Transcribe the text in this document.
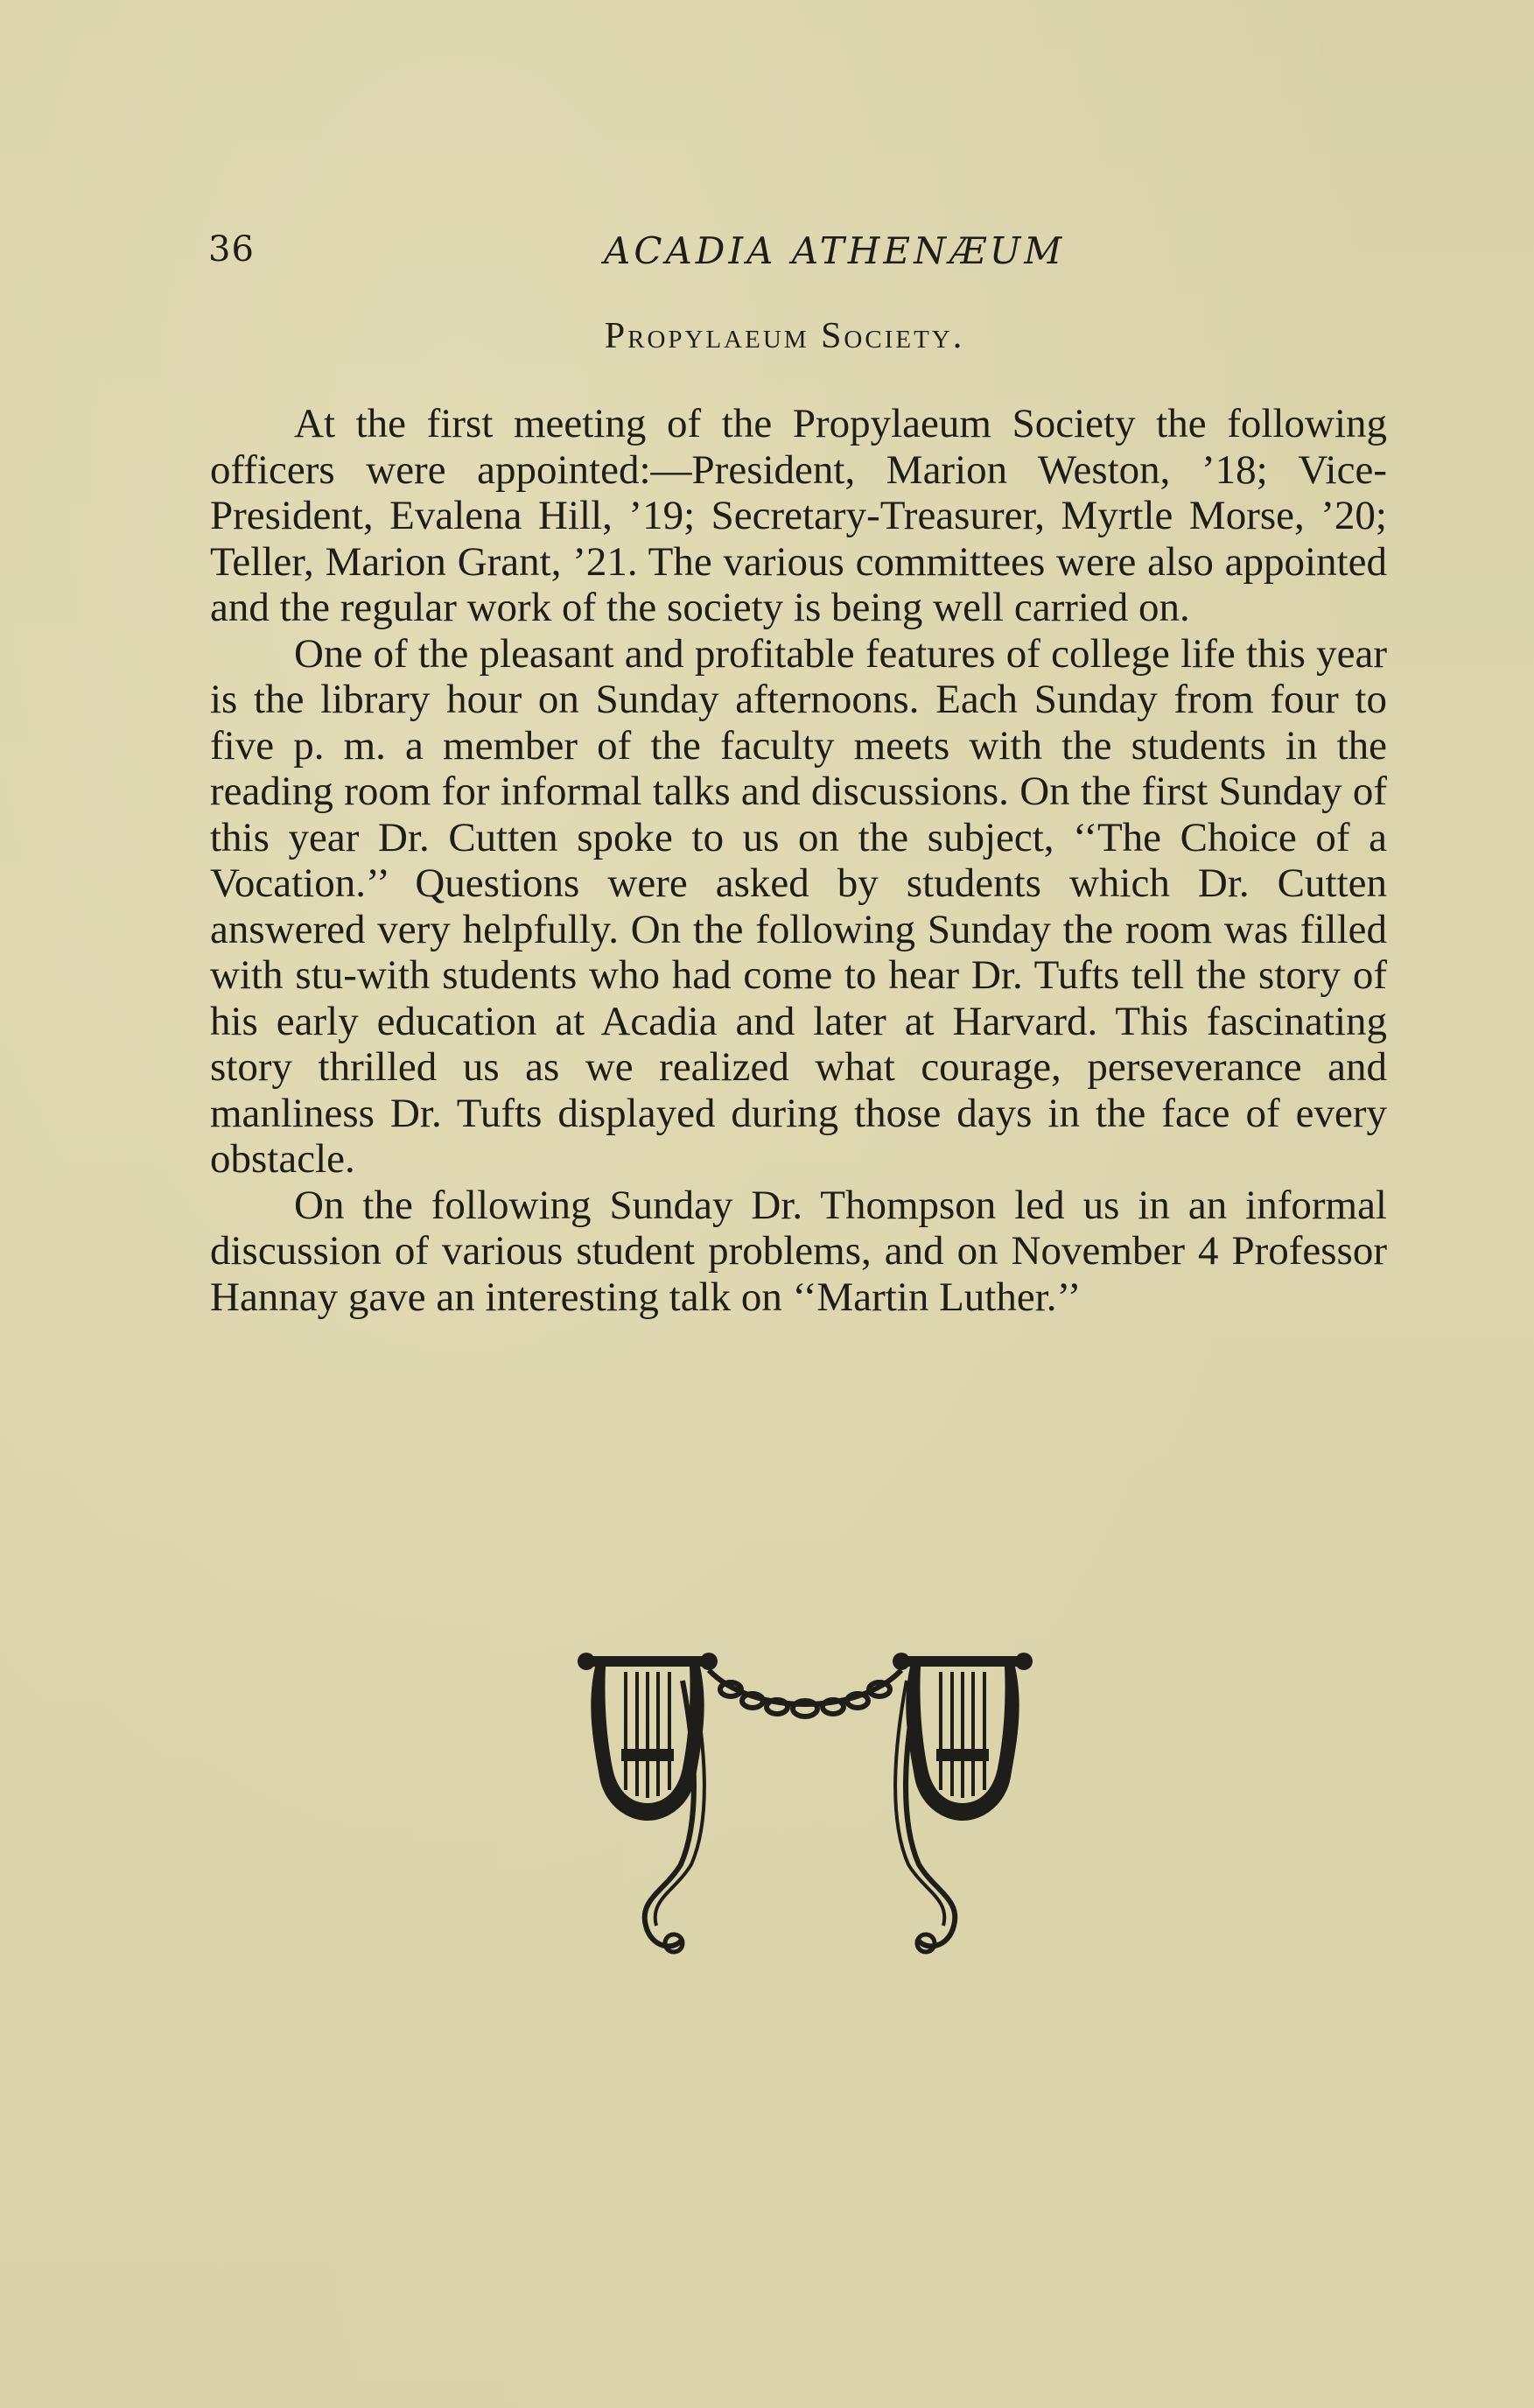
36	ACADIA ATHENÆUM
Propylaeum Society.

At the first meeting of the Propylaeum Society the following officers were appointed:—President, Marion Weston, ’18; Vice-President, Evalena Hill, ’19; Secretary-Treasurer, Myrtle Morse, ’20; Teller, Marion Grant, ’21. The various committees were also appointed and the regular work of the society is being well carried on.

One of the pleasant and profitable features of college life this year is the library hour on Sunday afternoons. Each Sunday from four to five p. m. a member of the faculty meets with the students in the reading room for informal talks and discussions. On the first Sunday of this year Dr. Cutten spoke to us on the subject, ‘‘The Choice of a Vocation.’’ Questions were asked by students which Dr. Cutten answered very helpfully. On the following Sunday the room was filled with stu-with students who had come to hear Dr. Tufts tell the story of his early education at Acadia and later at Harvard. This fascinating story thrilled us as we realized what courage, perseverance and manliness Dr. Tufts displayed during those days in the face of every obstacle.

On the following Sunday Dr. Thompson led us in an informal discussion of various student problems, and on November 4 Professor Hannay gave an interesting talk on ‘‘Martin Luther.’’
